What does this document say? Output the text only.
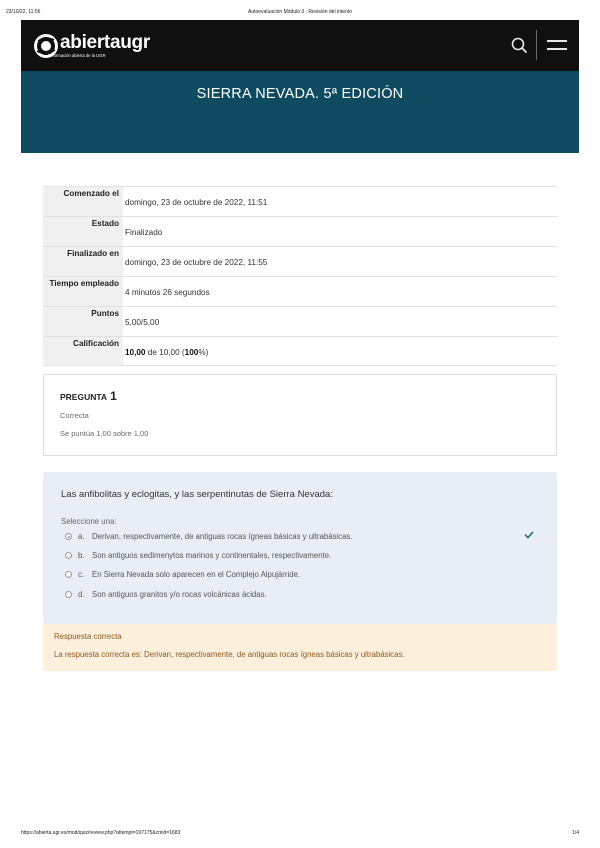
23/10/22, 11:56	Autoevaluación Módulo 3 : Revisión del intento
abiertaugr
la formación abierta de la UGR
SIERRA NEVADA. 5ª EDICIÓN
Comenzado el
domingo, 23 de octubre de 2022, 11:51
Estado
Finalizado
Finalizado en
domingo, 23 de octubre de 2022, 11:55
Tiempo empleado
4 minutos 26 segundos
Puntos
5,00/5,00
Calificación
10,00 de 10,00 (100%)
PREGUNTA 1
Correcta
Se puntúa 1,00 sobre 1,00
Las anfibolitas y eclogitas, y las serpentinutas de Sierra Nevada:
Seleccione una:
a. Derivan, respectivamente, de antiguas rocas ígneas básicas y ultrabásicas.
b. Son antiguos sedimenytos marinos y continentales, respectivamente.
c. En Sierra Nevada solo aparecen en el Complejo Alpujárride.
d. Son antiguos granitos y/o rocas volcánicas ácidas.
Respuesta correcta
La respuesta correcta es: Derivan, respectivamente, de antiguas rocas ígneas básicas y ultrabásicas.
https://abierta.ugr.es/mod/quiz/review.php?attempt=197175&cmid=1683	1/4
